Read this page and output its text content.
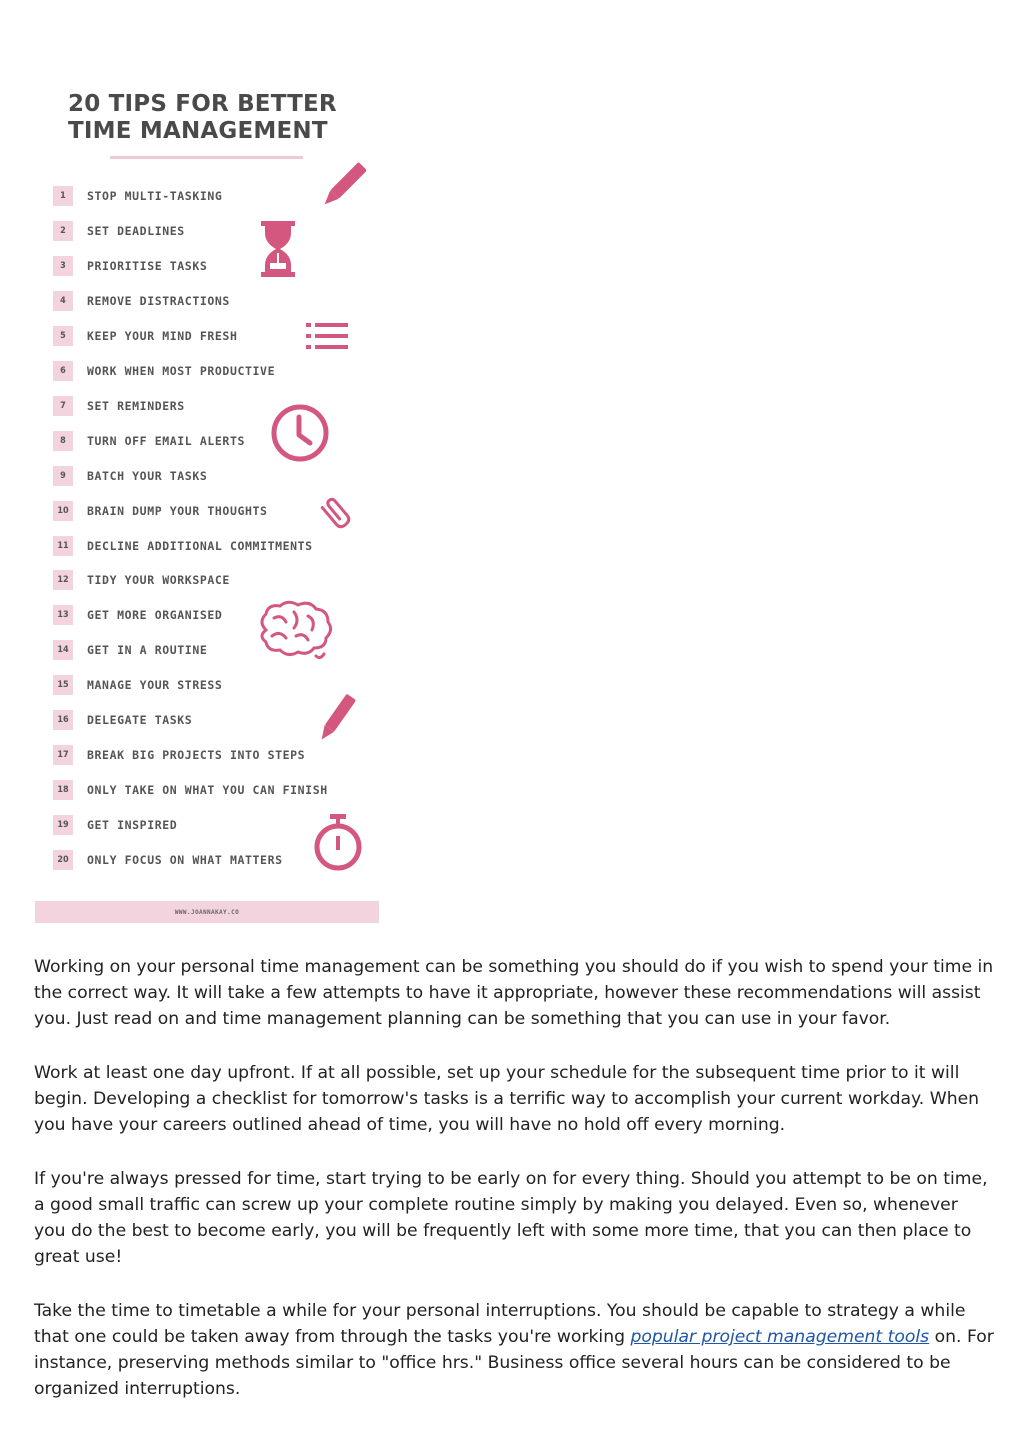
20 TIPS FOR BETTER
TIME MANAGEMENT
1	STOP MULTI-TASKING
2	SET DEADLINES
3	PRIORITISE TASKS
4	REMOVE DISTRACTIONS
5	KEEP YOUR MIND FRESH
6	WORK WHEN MOST PRODUCTIVE
7	SET REMINDERS
8	TURN OFF EMAIL ALERTS
9	BATCH YOUR TASKS
10	BRAIN DUMP YOUR THOUGHTS
11	DECLINE ADDITIONAL COMMITMENTS
12	TIDY YOUR WORKSPACE
13	GET MORE ORGANISED
14	GET IN A ROUTINE
15	MANAGE YOUR STRESS
16	DELEGATE TASKS
17	BREAK BIG PROJECTS INTO STEPS
18	ONLY TAKE ON WHAT YOU CAN FINISH
19	GET INSPIRED
20	ONLY FOCUS ON WHAT MATTERS
WWW.JOANNAKAY.CO

Working on your personal time management can be something you should do if you wish to spend your time in the correct way. It will take a few attempts to have it appropriate, however these recommendations will assist you. Just read on and time management planning can be something that you can use in your favor.

Work at least one day upfront. If at all possible, set up your schedule for the subsequent time prior to it will begin. Developing a checklist for tomorrow's tasks is a terrific way to accomplish your current workday. When you have your careers outlined ahead of time, you will have no hold off every morning.

If you're always pressed for time, start trying to be early on for every thing. Should you attempt to be on time, a good small traffic can screw up your complete routine simply by making you delayed. Even so, whenever you do the best to become early, you will be frequently left with some more time, that you can then place to great use!

Take the time to timetable a while for your personal interruptions. You should be capable to strategy a while that one could be taken away from through the tasks you're working popular project management tools on. For instance, preserving methods similar to "office hrs." Business office several hours can be considered to be organized interruptions.
